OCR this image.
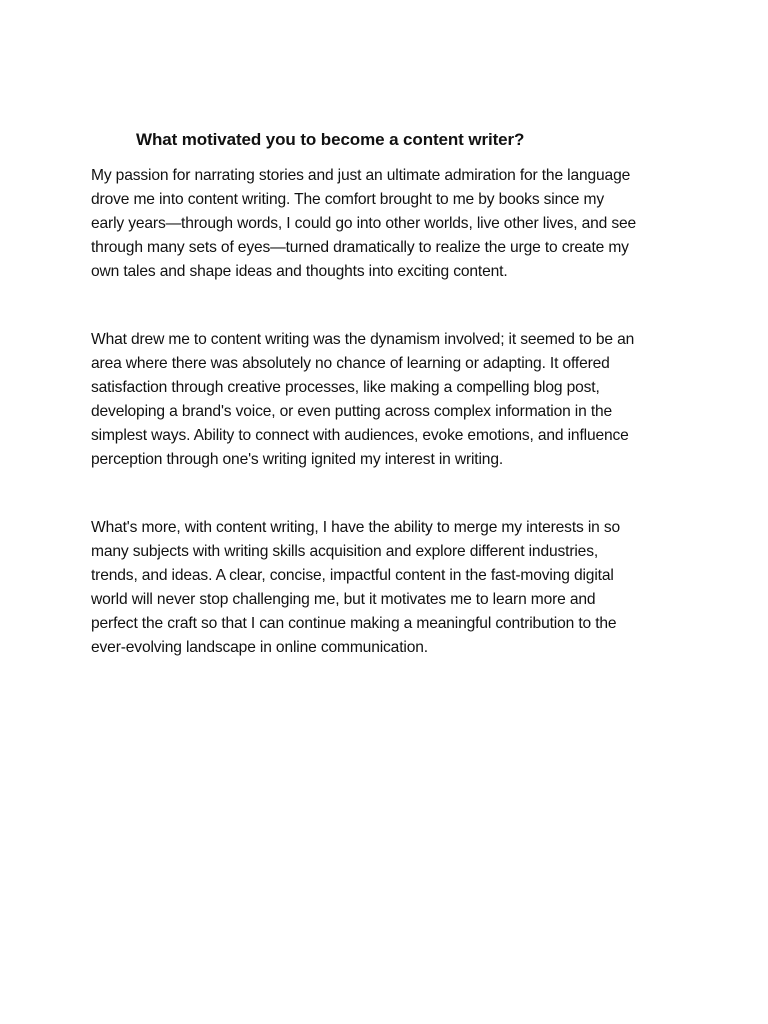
What motivated you to become a content writer?
My passion for narrating stories and just an ultimate admiration for the language
drove me into content writing. The comfort brought to me by books since my
early years—through words, I could go into other worlds, live other lives, and see
through many sets of eyes—turned dramatically to realize the urge to create my
own tales and shape ideas and thoughts into exciting content.
What drew me to content writing was the dynamism involved; it seemed to be an
area where there was absolutely no chance of learning or adapting. It offered
satisfaction through creative processes, like making a compelling blog post,
developing a brand's voice, or even putting across complex information in the
simplest ways. Ability to connect with audiences, evoke emotions, and influence
perception through one's writing ignited my interest in writing.
What's more, with content writing, I have the ability to merge my interests in so
many subjects with writing skills acquisition and explore different industries,
trends, and ideas. A clear, concise, impactful content in the fast-moving digital
world will never stop challenging me, but it motivates me to learn more and
perfect the craft so that I can continue making a meaningful contribution to the
ever-evolving landscape in online communication.
